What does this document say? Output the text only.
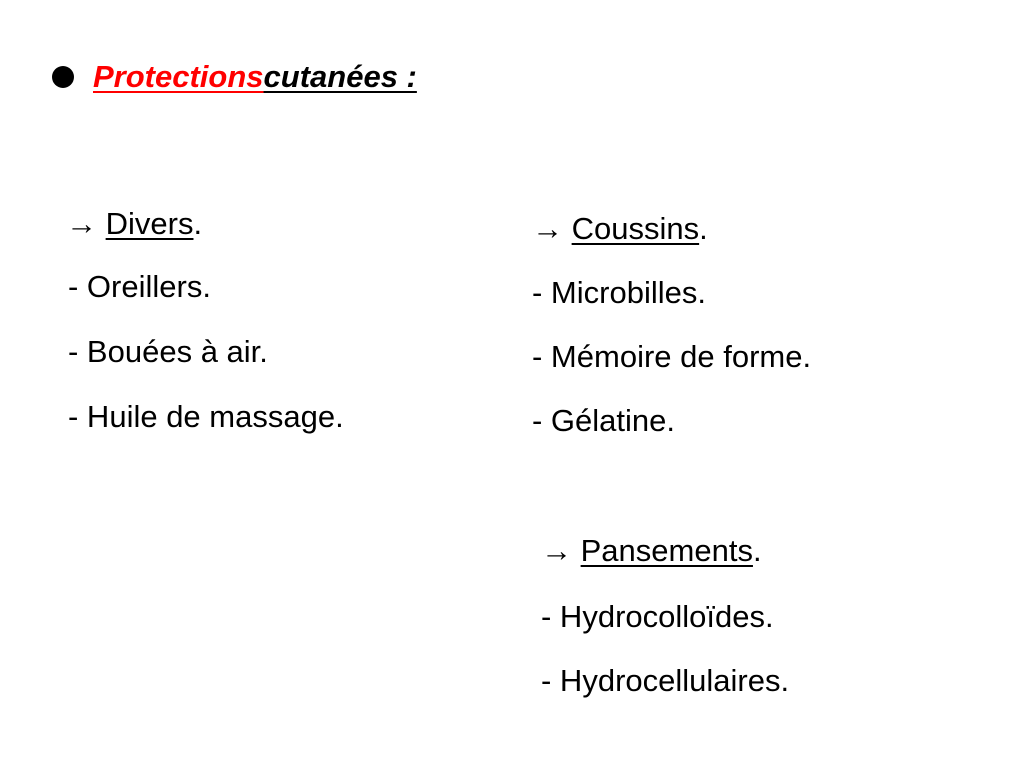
Protections cutanées :
→ Divers.
- Oreillers.
- Bouées à air.
- Huile de massage.
→ Coussins.
- Microbilles.
- Mémoire de forme.
- Gélatine.
→ Pansements.
- Hydrocolloïdes.
- Hydrocellulaires.
